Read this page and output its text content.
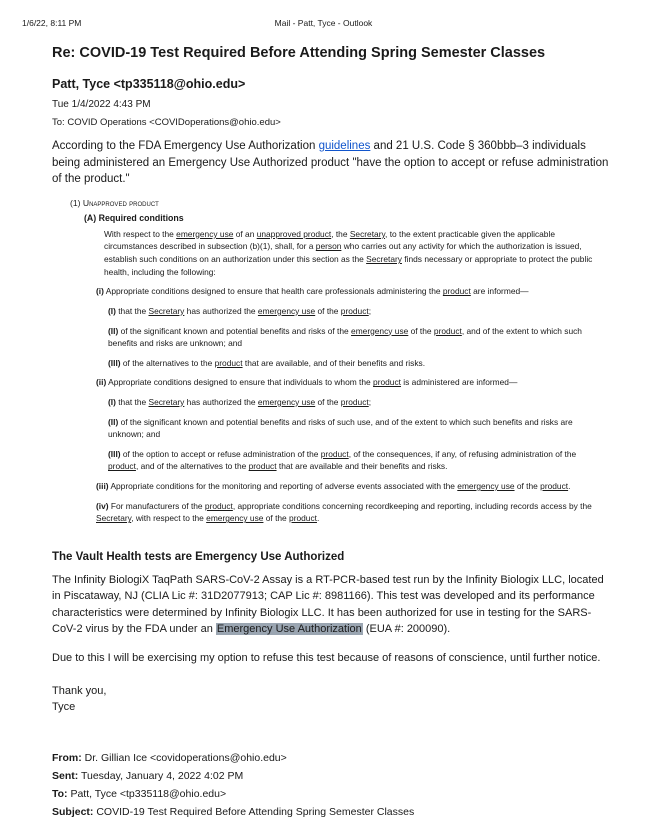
1/6/22, 8:11 PM	Mail - Patt, Tyce - Outlook
Re: COVID-19 Test Required Before Attending Spring Semester Classes
Patt, Tyce <tp335118@ohio.edu>
Tue 1/4/2022 4:43 PM
To: COVID Operations <COVIDoperations@ohio.edu>

According to the FDA Emergency Use Authorization guidelines and 21 U.S. Code § 360bbb–3 individuals being administered an Emergency Use Authorized product "have the option to accept or refuse administration of the product."

(1) Unapproved product
(A) Required conditions

With respect to the emergency use of an unapproved product, the Secretary, to the extent practicable given the applicable circumstances described in subsection (b)(1), shall, for a person who carries out any activity for which the authorization is issued, establish such conditions on an authorization under this section as the Secretary finds necessary or appropriate to protect the public health, including the following:

(i) Appropriate conditions designed to ensure that health care professionals administering the product are informed—

(I) that the Secretary has authorized the emergency use of the product;

(II) of the significant known and potential benefits and risks of the emergency use of the product, and of the extent to which such benefits and risks are unknown; and

(III) of the alternatives to the product that are available, and of their benefits and risks.

(ii) Appropriate conditions designed to ensure that individuals to whom the product is administered are informed—

(I) that the Secretary has authorized the emergency use of the product;

(II) of the significant known and potential benefits and risks of such use, and of the extent to which such benefits and risks are unknown; and

(III) of the option to accept or refuse administration of the product, of the consequences, if any, of refusing administration of the product, and of the alternatives to the product that are available and their benefits and risks.

(iii) Appropriate conditions for the monitoring and reporting of adverse events associated with the emergency use of the product.

(iv) For manufacturers of the product, appropriate conditions concerning recordkeeping and reporting, including records access by the Secretary, with respect to the emergency use of the product.

The Vault Health tests are Emergency Use Authorized

The Infinity BiologiX TaqPath SARS-CoV-2 Assay is a RT-PCR-based test run by the Infinity Biologix LLC, located in Piscataway, NJ (CLIA Lic #: 31D2077913; CAP Lic #: 8981166). This test was developed and its performance characteristics were determined by Infinity Biologix LLC. It has been authorized for use in testing for the SARS-CoV-2 virus by the FDA under an Emergency Use Authorization (EUA #: 200090).

Due to this I will be exercising my option to refuse this test because of reasons of conscience, until further notice.

Thank you,
Tyce
From: Dr. Gillian Ice <covidoperations@ohio.edu>
Sent: Tuesday, January 4, 2022 4:02 PM
To: Patt, Tyce <tp335118@ohio.edu>
Subject: COVID-19 Test Required Before Attending Spring Semester Classes
